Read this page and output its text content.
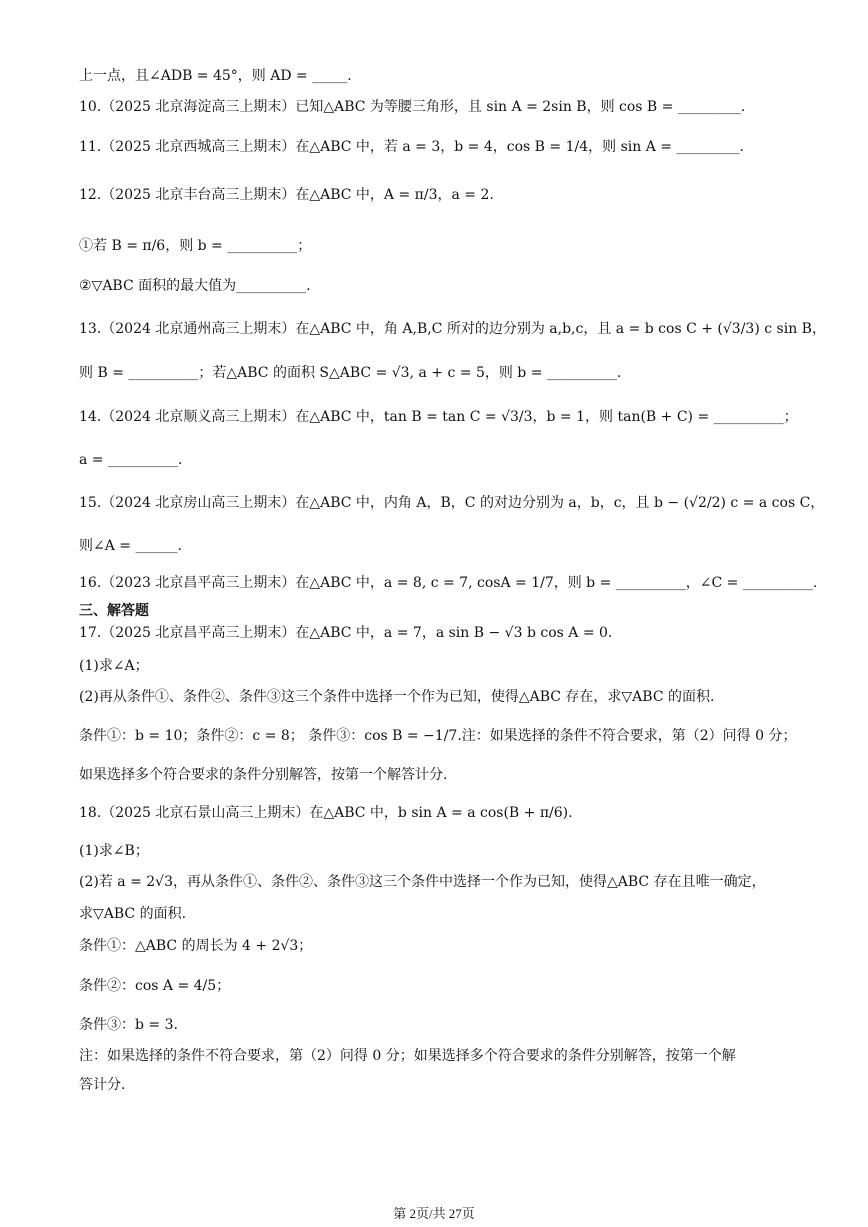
上一点，且∠ADB = 45°，则 AD = _____.
10.（2025 北京海淀高三上期末）已知△ABC 为等腰三角形，且 sin A = 2sin B，则 cos B = _________.
11.（2025 北京西城高三上期末）在△ABC 中，若 a = 3，b = 4，cos B = 1/4，则 sin A = _________.
12.（2025 北京丰台高三上期末）在△ABC 中，A = π/3，a = 2.
①若 B = π/6，则 b = __________；
②▽ABC 面积的最大值为__________.
13.（2024 北京通州高三上期末）在△ABC 中，角 A,B,C 所对的边分别为 a,b,c，且 a = b cos C + (√3/3) c sin B，
则 B = __________；若△ABC 的面积 S△ABC = √3, a + c = 5，则 b = __________.
14.（2024 北京顺义高三上期末）在△ABC 中，tan B = tan C = √3/3，b = 1，则 tan(B + C) = __________；
a = __________.
15.（2024 北京房山高三上期末）在△ABC 中，内角 A，B，C 的对边分别为 a，b，c，且 b − (√2/2) c = a cos C，
则∠A = ______.
16.（2023 北京昌平高三上期末）在△ABC 中，a = 8, c = 7, cosA = 1/7，则 b = __________，∠C = __________.
三、解答题
17.（2025 北京昌平高三上期末）在△ABC 中，a = 7，a sin B − √3 b cos A = 0.
(1)求∠A；
(2)再从条件①、条件②、条件③这三个条件中选择一个作为已知，使得△ABC 存在，求▽ABC 的面积.
条件①：b = 10；条件②：c = 8； 条件③：cos B = −1/7.注：如果选择的条件不符合要求，第（2）问得 0 分；
如果选择多个符合要求的条件分别解答，按第一个解答计分.
18.（2025 北京石景山高三上期末）在△ABC 中，b sin A = a cos(B + π/6).
(1)求∠B；
(2)若 a = 2√3，再从条件①、条件②、条件③这三个条件中选择一个作为已知，使得△ABC 存在且唯一确定，
求▽ABC 的面积.
条件①：△ABC 的周长为 4 + 2√3；
条件②：cos A = 4/5；
条件③：b = 3.
注：如果选择的条件不符合要求，第（2）问得 0 分；如果选择多个符合要求的条件分别解答，按第一个解
答计分.
第 2页/共 27页
